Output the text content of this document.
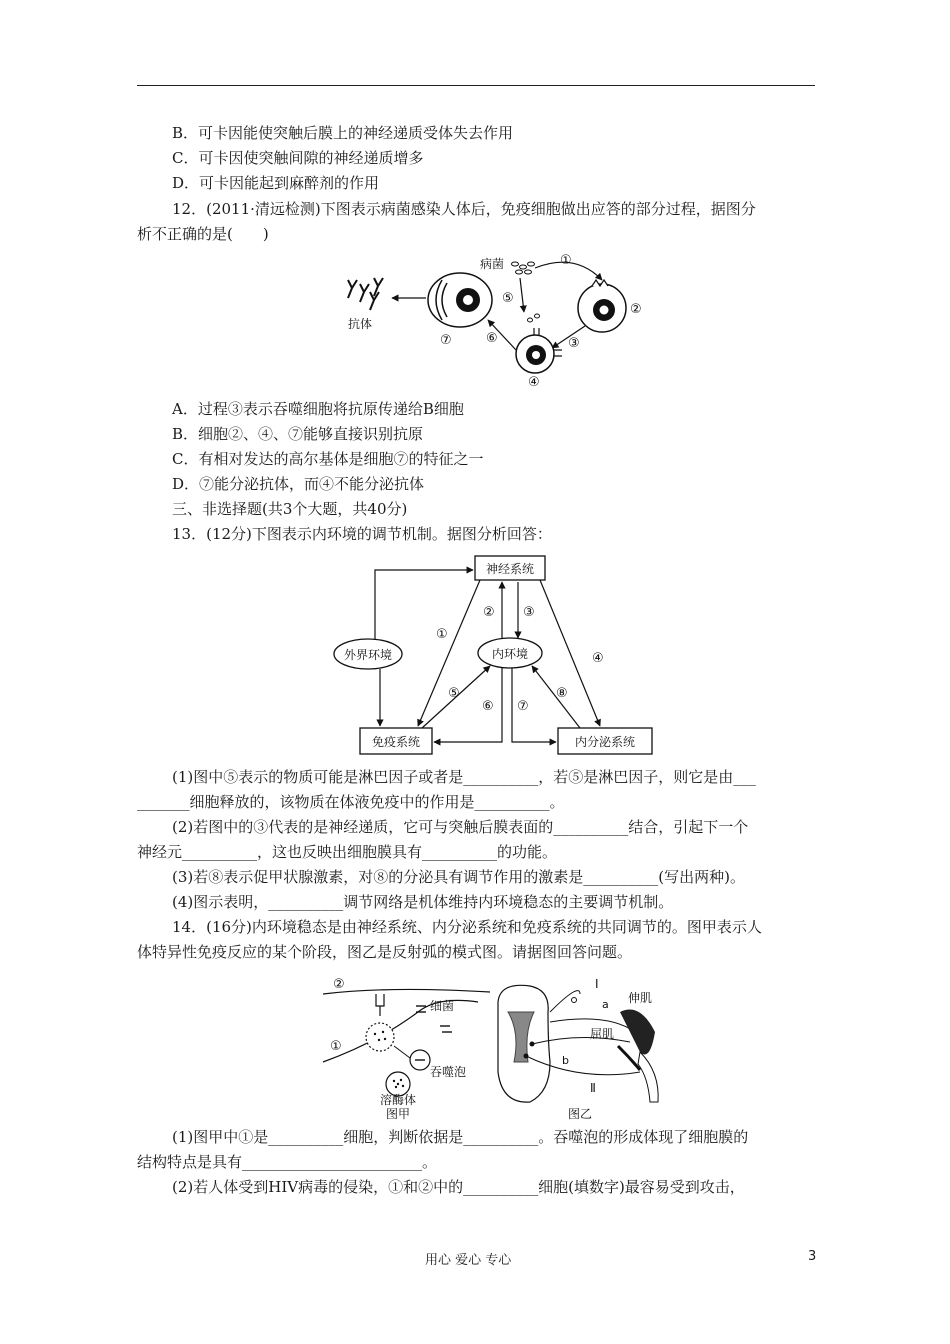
B．可卡因能使突触后膜上的神经递质受体失去作用
C．可卡因使突触间隙的神经递质增多
D．可卡因能起到麻醉剂的作用
12．(2011·清远检测)下图表示病菌感染人体后，免疫细胞做出应答的部分过程，据图分
析不正确的是(　　)
抗体
⑦
病菌	①
⑤
②
③
④
⑥
A．过程③表示吞噬细胞将抗原传递给B细胞
B．细胞②、④、⑦能够直接识别抗原
C．有相对发达的高尔基体是细胞⑦的特征之一
D．⑦能分泌抗体，而④不能分泌抗体
三、非选择题(共3个大题，共40分)
13．(12分)下图表示内环境的调节机制。据图分析回答：
神经系统
外界环境	内环境
免疫系统	内分泌系统
①
④
② ③
⑤
⑥ ⑦
⑧
(1)图中⑤表示的物质可能是淋巴因子或者是__________，若⑤是淋巴因子，则它是由___
_______细胞释放的，该物质在体液免疫中的作用是__________。
(2)若图中的③代表的是神经递质，它可与突触后膜表面的__________结合，引起下一个
神经元__________，这也反映出细胞膜具有__________的功能。
(3)若⑧表示促甲状腺激素，对⑧的分泌具有调节作用的激素是__________(写出两种)。
(4)图示表明，__________调节网络是机体维持内环境稳态的主要调节机制。
14．(16分)内环境稳态是由神经系统、内分泌系统和免疫系统的共同调节的。图甲表示人
体特异性免疫反应的某个阶段，图乙是反射弧的模式图。请据图回答问题。
②
①
细菌
吞噬泡
溶酶体
图甲
Ⅰ
a 伸肌
屈肌
b
Ⅱ
图乙
(1)图甲中①是__________细胞，判断依据是__________。吞噬泡的形成体现了细胞膜的
结构特点是具有________________________。
(2)若人体受到HIV病毒的侵染，①和②中的__________细胞(填数字)最容易受到攻击，
用心 爱心 专心	3
